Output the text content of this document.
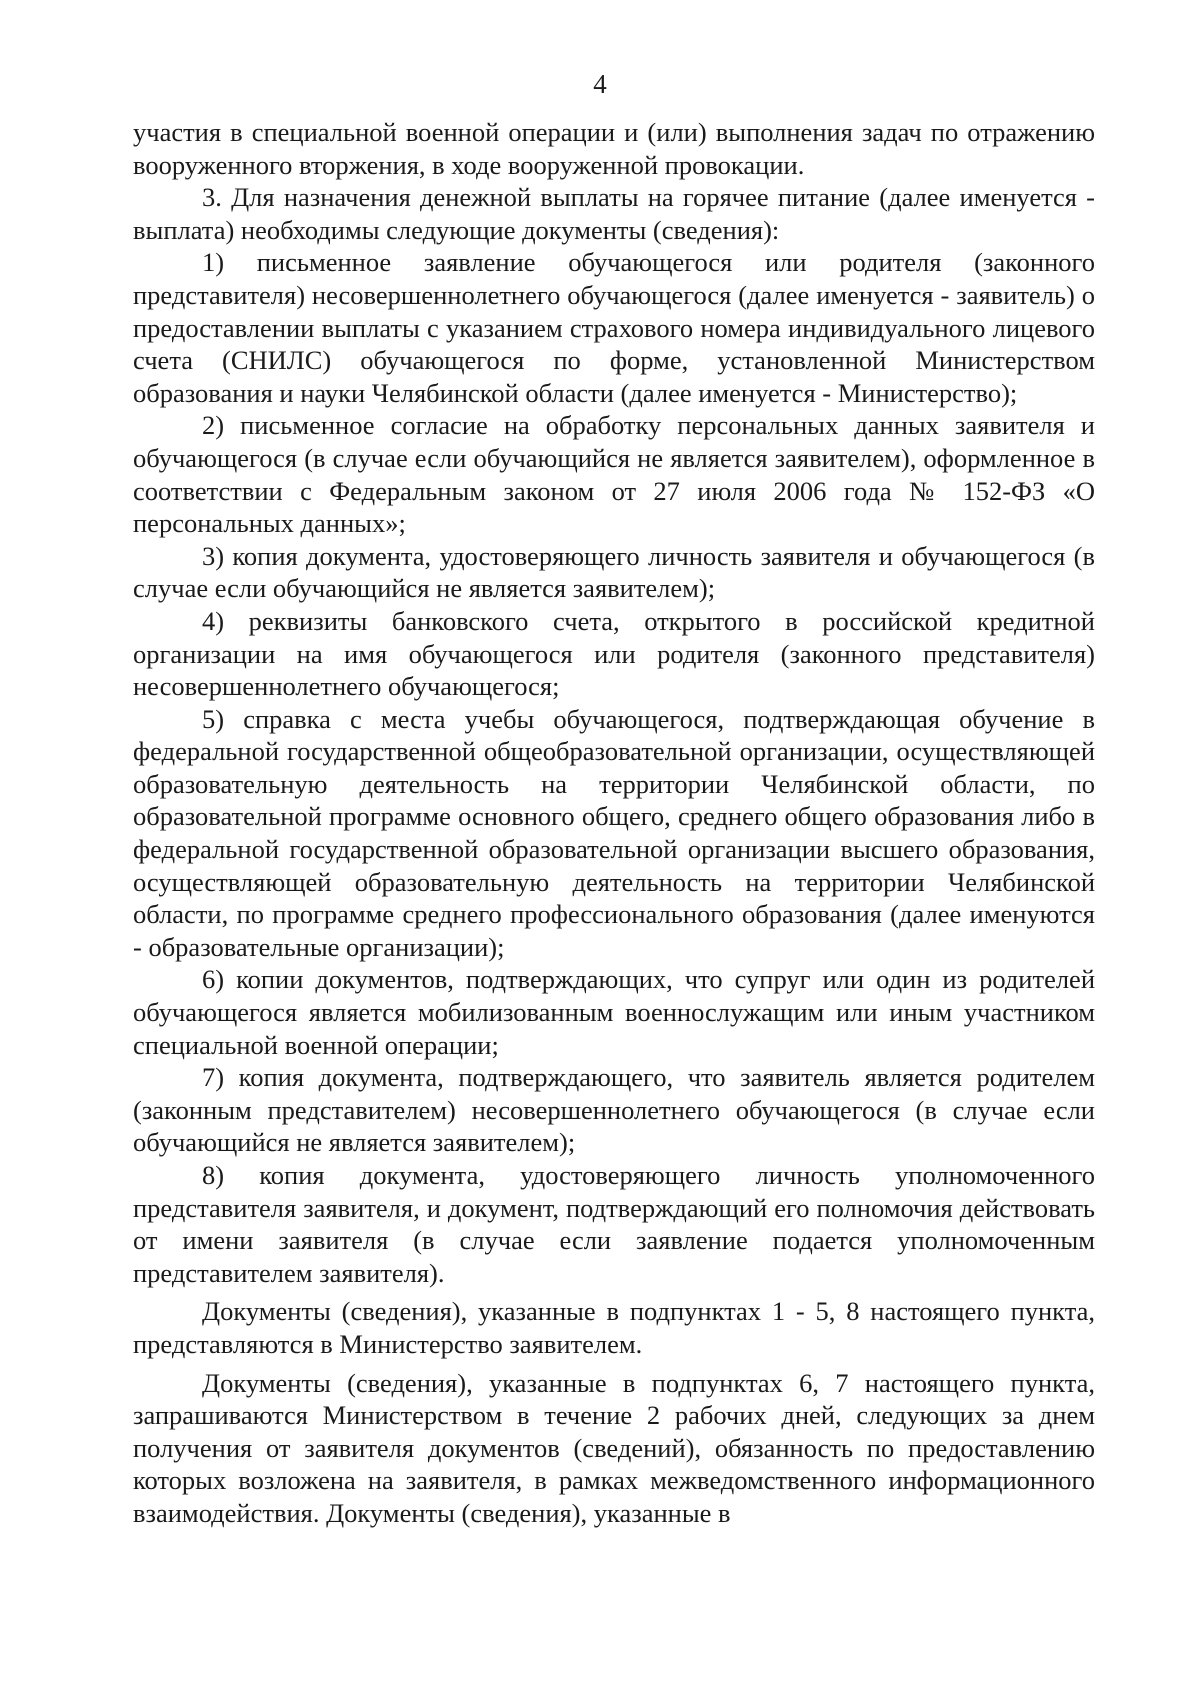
4

участия в специальной военной операции и (или) выполнения задач по отражению вооруженного вторжения, в ходе вооруженной провокации.

3. Для назначения денежной выплаты на горячее питание (далее именуется - выплата) необходимы следующие документы (сведения):

1) письменное заявление обучающегося или родителя (законного представителя) несовершеннолетнего обучающегося (далее именуется - заявитель) о предоставлении выплаты с указанием страхового номера индивидуального лицевого счета (СНИЛС) обучающегося по форме, установленной Министерством образования и науки Челябинской области (далее именуется - Министерство);

2) письменное согласие на обработку персональных данных заявителя и обучающегося (в случае если обучающийся не является заявителем), оформленное в соответствии с Федеральным законом от 27 июля 2006 года № 152-ФЗ «О персональных данных»;

3) копия документа, удостоверяющего личность заявителя и обучающегося (в случае если обучающийся не является заявителем);

4) реквизиты банковского счета, открытого в российской кредитной организации на имя обучающегося или родителя (законного представителя) несовершеннолетнего обучающегося;

5) справка с места учебы обучающегося, подтверждающая обучение в федеральной государственной общеобразовательной организации, осуществляющей образовательную деятельность на территории Челябинской области, по образовательной программе основного общего, среднего общего образования либо в федеральной государственной образовательной организации высшего образования, осуществляющей образовательную деятельность на территории Челябинской области, по программе среднего профессионального образования (далее именуются - образовательные организации);

6) копии документов, подтверждающих, что супруг или один из родителей обучающегося является мобилизованным военнослужащим или иным участником специальной военной операции;

7) копия документа, подтверждающего, что заявитель является родителем (законным представителем) несовершеннолетнего обучающегося (в случае если обучающийся не является заявителем);

8) копия документа, удостоверяющего личность уполномоченного представителя заявителя, и документ, подтверждающий его полномочия действовать от имени заявителя (в случае если заявление подается уполномоченным представителем заявителя).

Документы (сведения), указанные в подпунктах 1 - 5, 8 настоящего пункта, представляются в Министерство заявителем.

Документы (сведения), указанные в подпунктах 6, 7 настоящего пункта, запрашиваются Министерством в течение 2 рабочих дней, следующих за днем получения от заявителя документов (сведений), обязанность по предоставлению которых возложена на заявителя, в рамках межведомственного информационного взаимодействия. Документы (сведения), указанные в
